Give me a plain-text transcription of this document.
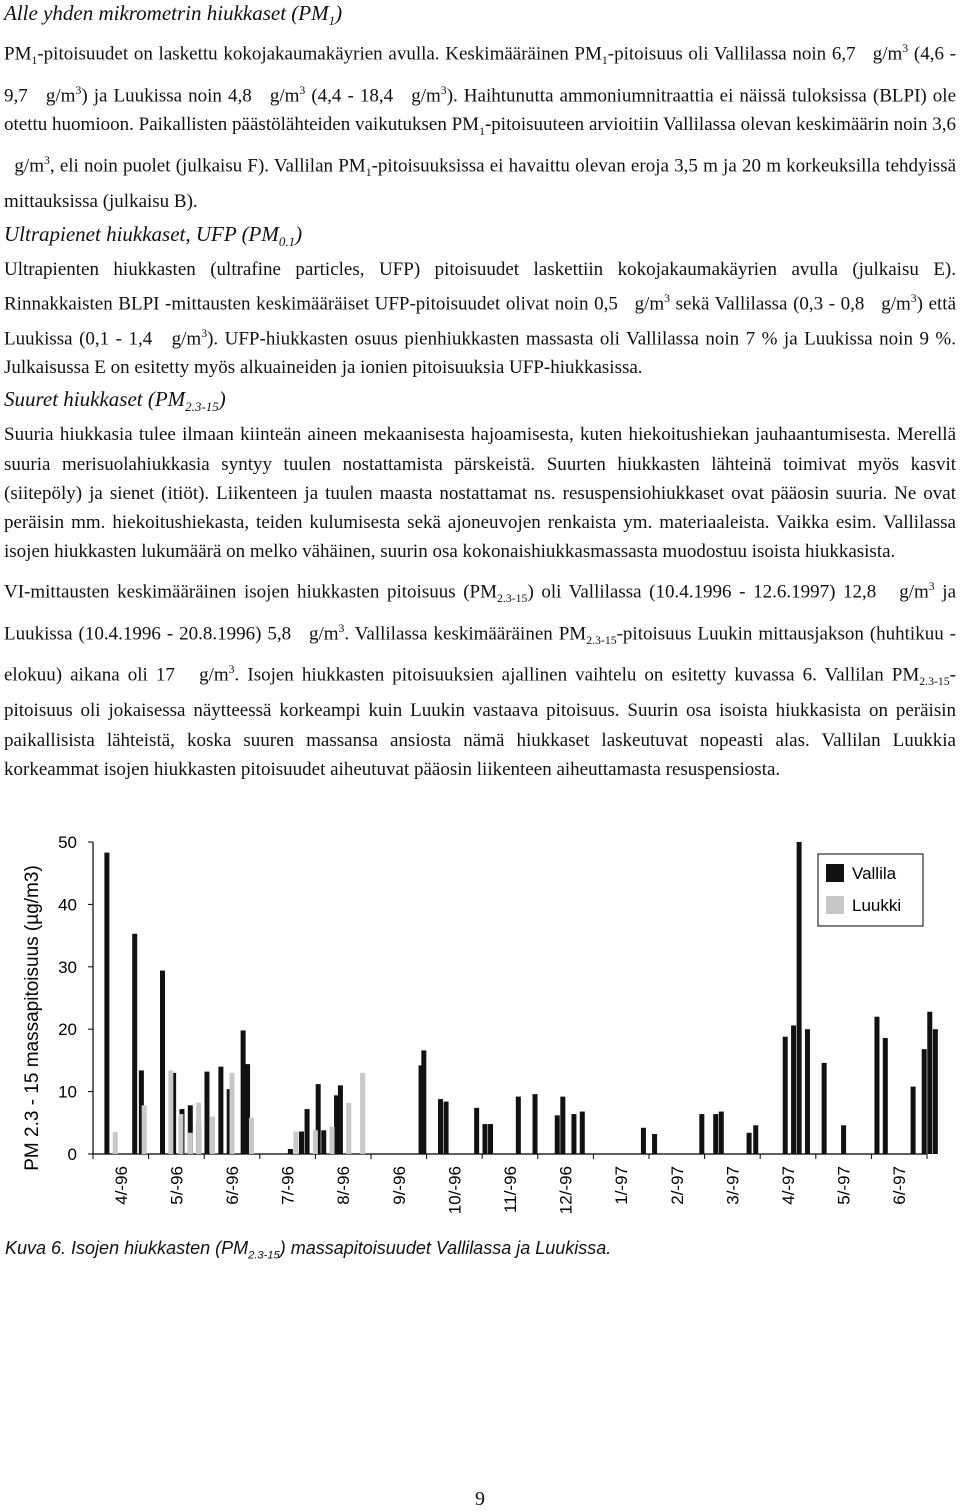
Alle yhden mikrometrin hiukkaset $(PM_1)$
$PM_1$-pitoisuudet on laskettu kokojakaumakäyrien avulla. Keskimääräinen $PM_1$-pitoisuus oli Vallilassa noin 6,7   $g/m^3$ (4,6 - 9,7   $g/m^3$) ja Luukissa noin 4,8   $g/m^3$ (4,4 - 18,4   $g/m^3$). Haihtunutta ammoniumnitraattia ei näissä tuloksissa (BLPI) ole otettu huomioon. Paikallisten päästölähteiden vaikutuksen $PM_1$-pitoisuuteen arvioitiin Vallilassa olevan keskimäärin noin 3,6   $g/m^3$, eli noin puolet (julkaisu F). Vallilan $PM_1$-pitoisuuksissa ei havaittu olevan eroja 3,5 m ja 20 m korkeuksilla tehdyissä mittauksissa (julkaisu B).
Ultrapienet hiukkaset, UFP $(PM_{0.1})$
Ultrapienten hiukkasten (ultrafine particles, UFP) pitoisuudet laskettiin kokojakaumakäyrien avulla (julkaisu E). Rinnakkaisten BLPI -mittausten keskimääräiset UFP-pitoisuudet olivat noin 0,5   $g/m^3$ sekä Vallilassa (0,3 - 0,8   $g/m^3$) että Luukissa (0,1 - 1,4   $g/m^3$). UFP-hiukkasten osuus pienhiukkasten massasta oli Vallilassa noin 7 % ja Luukissa noin 9 %. Julkaisussa E on esitetty myös alkuaineiden ja ionien pitoisuuksia UFP-hiukkasissa.
Suuret hiukkaset $(PM_{2.3-15})$
Suuria hiukkasia tulee ilmaan kiinteän aineen mekaanisesta hajoamisesta, kuten hiekoitushiekan jauhaantumisesta. Merellä suuria merisuolahiukkasia syntyy tuulen nostattamista pärskeistä. Suurten hiukkasten lähteinä toimivat myös kasvit (siitepöly) ja sienet (itiöt). Liikenteen ja tuulen maasta nostattamat ns. resuspensiohiukkaset ovat pääosin suuria. Ne ovat peräisin mm. hiekoitushiekasta, teiden kulumisesta sekä ajoneuvojen renkaista ym. materiaaleista. Vaikka esim. Vallilassa isojen hiukkasten lukumäärä on melko vähäinen, suurin osa kokonaishiukkasmassasta muodostuu isoista hiukkasista.
VI-mittausten keskimääräinen isojen hiukkasten pitoisuus $(PM_{2.3-15})$ oli Vallilassa (10.4.1996 - 12.6.1997) 12,8   $g/m^3$ ja Luukissa (10.4.1996 - 20.8.1996) 5,8   $g/m^3$. Vallilassa keskimääräinen $PM_{2.3-15}$-pitoisuus Luukin mittausjakson (huhtikuu - elokuu) aikana oli 17   $g/m^3$. Isojen hiukkasten pitoisuuksien ajallinen vaihtelu on esitetty kuvassa 6. Vallilan $PM_{2.3-15}$-pitoisuus oli jokaisessa näytteessä korkeampi kuin Luukin vastaava pitoisuus. Suurin osa isoista hiukkasista on peräisin paikallisista lähteistä, koska suuren massansa ansiosta nämä hiukkaset laskeutuvat nopeasti alas. Vallilan Luukkia korkeammat isojen hiukkasten pitoisuudet aiheutuvat pääosin liikenteen aiheuttamasta resuspensiosta.
0
10
20
30
40
50
4/-96 5/-96 6/-96 7/-96 8/-96 9/-96 10/-96 11/-96 12/-96 1/-97 2/-97 3/-97 4/-97 5/-97 6/-97
PM 2.3 - 15 massapitoisuus (µg/m3)	Vallila
Luukki
Kuva 6. Isojen hiukkasten $(PM_{2.3-15})$ massapitoisuudet Vallilassa ja Luukissa.
9
